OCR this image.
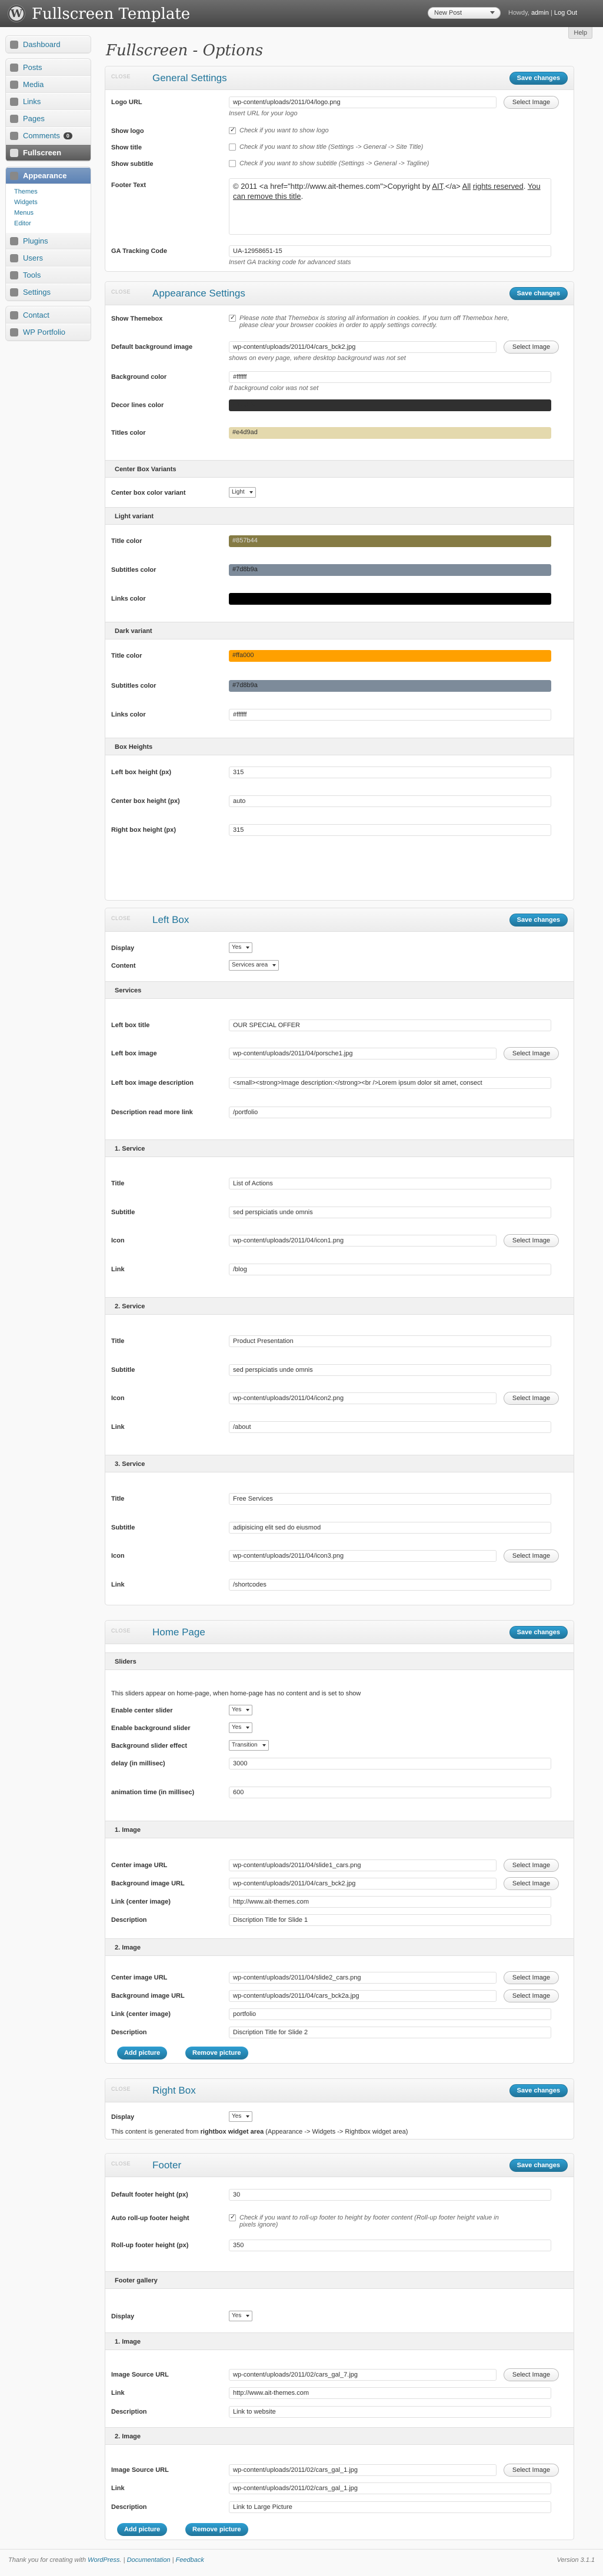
W Fullscreen Template	New Post	Howdy, admin | Log Out
Help
Dashboard
Posts
Media
Links
Pages
Comments	0
Fullscreen
Appearance
Themes
Widgets
Menus
Editor
Plugins
Users
Tools
Settings
Contact
WP Portfolio
Fullscreen - Options
CLOSE General Settings	Save changes
Logo URL	wp-content/uploads/2011/04/logo.png	Select Image
Insert URL for your logo
Show logo ✓	Check if you want to show logo
Show title	Check if you want to show title (Settings -> General -> Site Title)
Show subtitle	Check if you want to show subtitle (Settings -> General -> Tagline)
Footer Text	© 2011 <a href="http://www.ait-themes.com">Copyright by AIT.</a> All rights reserved. You can remove this title.
GA Tracking Code	UA-12958651-15
Insert GA tracking code for advanced stats
CLOSE Appearance Settings	Save changes
Show Themebox ✓	Please note that Themebox is storing all information in cookies. If you turn off Themebox here,
please clear your browser cookies in order to apply settings correctly.
Default background image	wp-content/uploads/2011/04/cars_bck2.jpg	Select Image
shows on every page, where desktop background was not set
Background color	#ffffff
If background color was not set
Decor lines color	#303030
Titles color	#e4d9ad
Center Box Variants
Center box color variant	Light
Light variant
Title color	#857b44
Subtitles color	#7d8b9a
Links color	#000000
Dark variant
Title color	#ffa000
Subtitles color	#7d8b9a
Links color	#ffffff
Box Heights
Left box height (px)	315
Center box height (px)	auto
Right box height (px)	315
CLOSE Left Box	Save changes
Display	Yes
Content	Services area
Services
Left box title	OUR SPECIAL OFFER
Left box image	wp-content/uploads/2011/04/porsche1.jpg	Select Image
Left box image description	<small><strong>Image description:</strong><br />Lorem ipsum dolor sit amet, consect
Description read more link	/portfolio
1. Service
Title	List of Actions
Subtitle	sed perspiciatis unde omnis
Icon	wp-content/uploads/2011/04/icon1.png	Select Image
Link	/blog
2. Service
Title	Product Presentation
Subtitle	sed perspiciatis unde omnis
Icon	wp-content/uploads/2011/04/icon2.png	Select Image
Link	/about
3. Service
Title	Free Services
Subtitle	adipisicing elit sed do eiusmod
Icon	wp-content/uploads/2011/04/icon3.png	Select Image
Link	/shortcodes
CLOSE Home Page	Save changes
Sliders
This sliders appear on home-page, when home-page has no content and is set to show
Enable center slider	Yes
Enable background slider	Yes
Background slider effect	Transition
delay (in millisec)	3000
animation time (in millisec)	600
1. Image
Center image URL	wp-content/uploads/2011/04/slide1_cars.png	Select Image
Background image URL	wp-content/uploads/2011/04/cars_bck2.jpg	Select Image
Link (center image)	http://www.ait-themes.com
Description	Discription Title for Slide 1
2. Image
Center image URL	wp-content/uploads/2011/04/slide2_cars.png	Select Image
Background image URL	wp-content/uploads/2011/04/cars_bck2a.jpg	Select Image
Link (center image)	portfolio
Description	Discription Title for Slide 2
Add picture	Remove picture
CLOSE Right Box	Save changes
Display	Yes
This content is generated from rightbox widget area (Appearance -> Widgets -> Rightbox widget area)
CLOSE Footer	Save changes
Default footer height (px)	30
Auto roll-up footer height ✓	Check if you want to roll-up footer to height by footer content (Roll-up footer height value in
pixels ignore)
Roll-up footer height (px)	350
Footer gallery
Display	Yes
1. Image
Image Source URL	wp-content/uploads/2011/02/cars_gal_7.jpg	Select Image
Link	http://www.ait-themes.com
Description	Link to website
2. Image
Image Source URL	wp-content/uploads/2011/02/cars_gal_1.jpg	Select Image
Link	wp-content/uploads/2011/02/cars_gal_1.jpg
Description	Link to Large Picture
Add picture	Remove picture
Thank you for creating with WordPress. | Documentation | Feedback	Version 3.1.1
